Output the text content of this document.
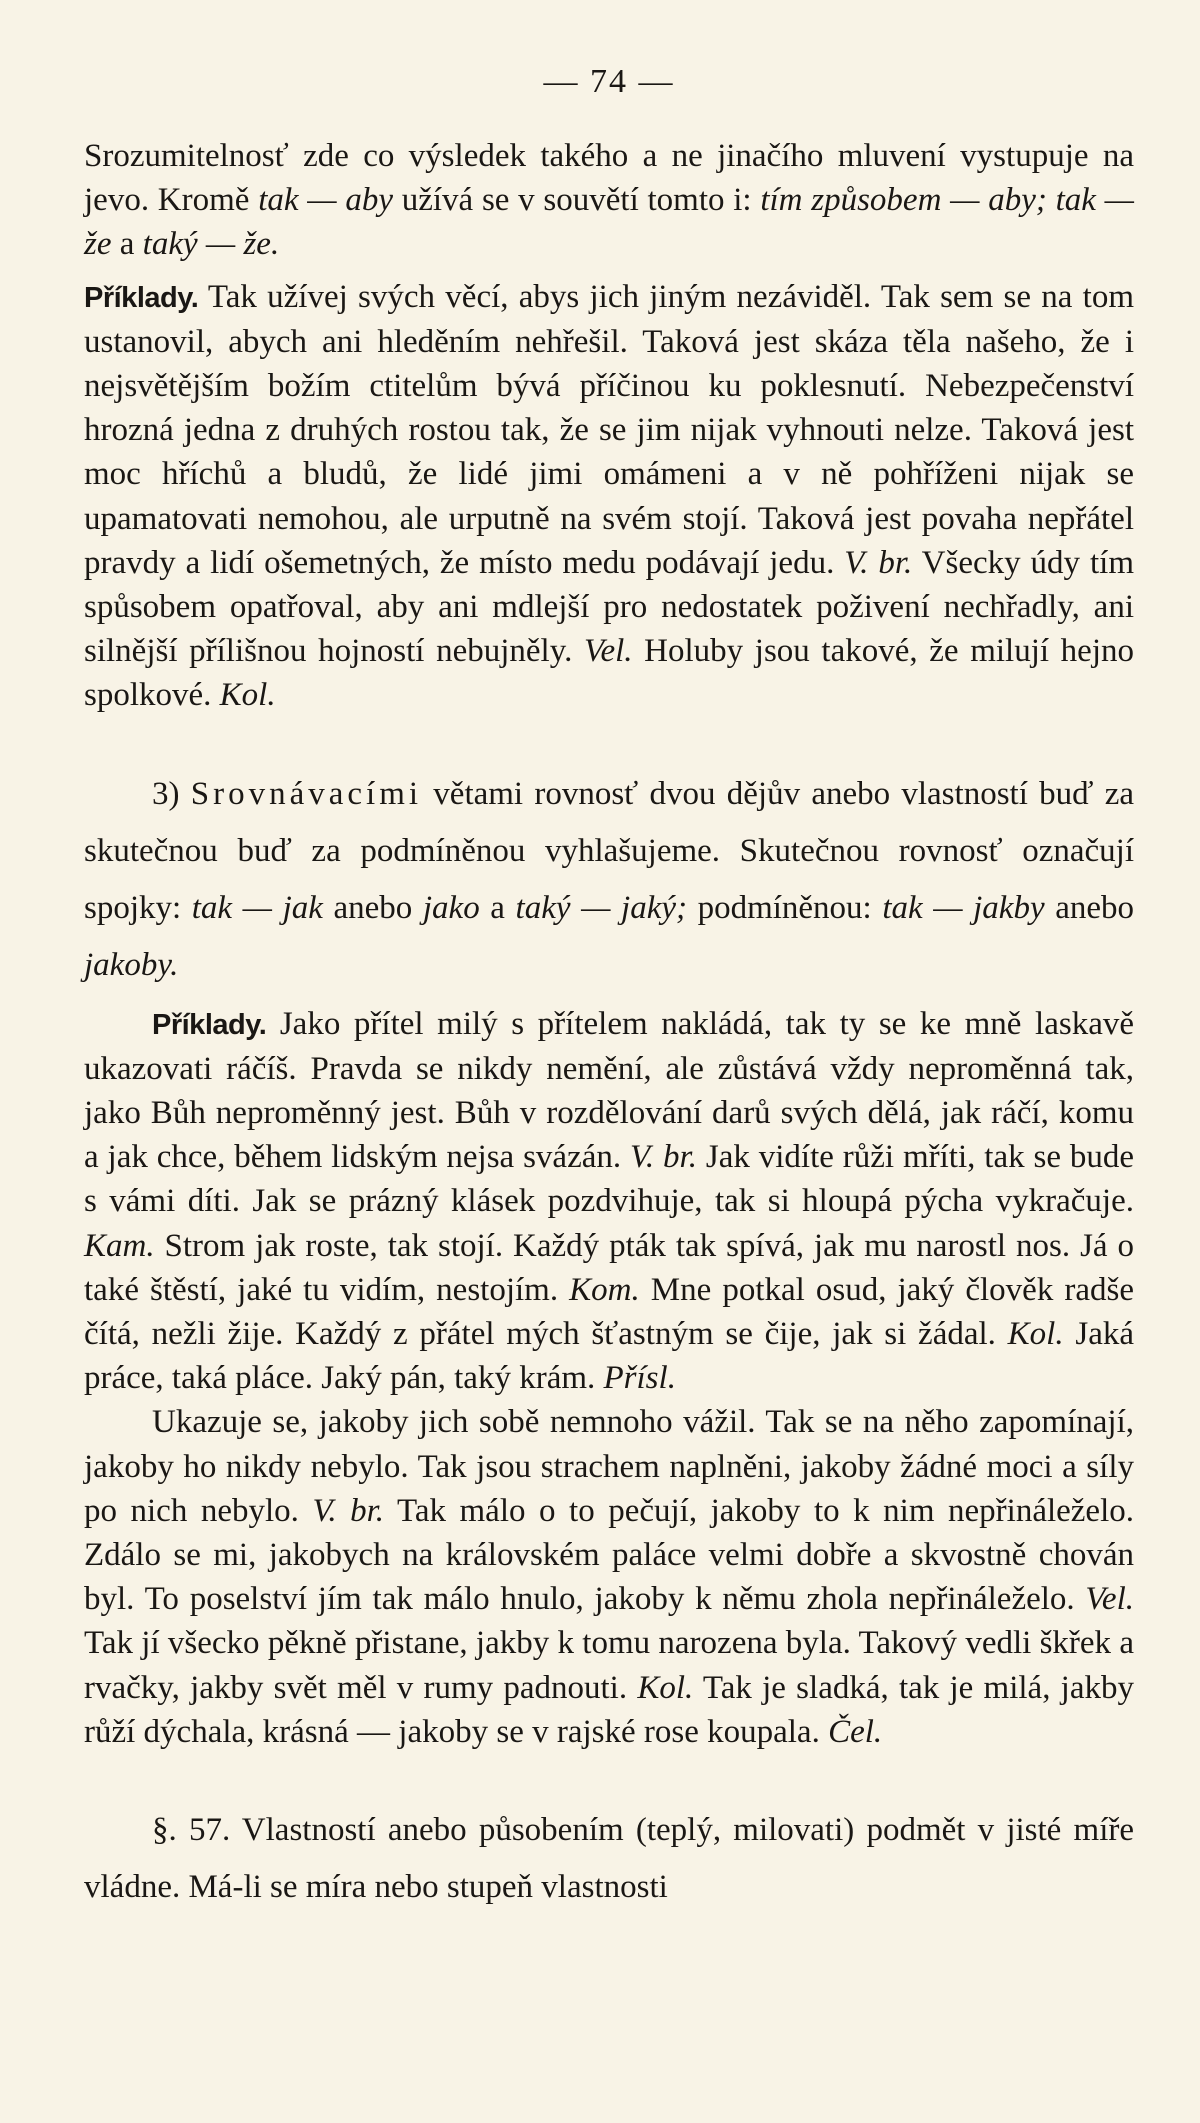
— 74 —

Srozumitelnosť zde co výsledek takého a ne jinačího mluvení vystupuje na jevo. Kromě tak — aby užívá se v souvětí tomto i: tím způsobem — aby; tak — že a taký — že.

Příklady. Tak užívej svých věcí, abys jich jiným nezáviděl. Tak sem se na tom ustanovil, abych ani hleděním nehřešil. Taková jest skáza těla našeho, že i nejsvětějším božím ctitelům bývá příčinou ku poklesnutí. Nebezpečenství hrozná jedna z druhých rostou tak, že se jim nijak vyhnouti nelze. Taková jest moc hříchů a bludů, že lidé jimi omámeni a v ně pohříženi nijak se upamatovati nemohou, ale urputně na svém stojí. Taková jest povaha nepřátel pravdy a lidí ošemetných, že místo medu podávají jedu. V. br. Všecky údy tím spůsobem opatřoval, aby ani mdlejší pro nedostatek poživení nechřadly, ani silnější přílišnou hojností nebujněly. Vel. Holuby jsou takové, že milují hejno spolkové. Kol.

3) Srovnávacími větami rovnosť dvou dějův anebo vlastností buď za skutečnou buď za podmíněnou vyhlašujeme. Skutečnou rovnosť označují spojky: tak — jak anebo jako a taký — jaký; podmíněnou: tak — jakby anebo jakoby.

Příklady. Jako přítel milý s přítelem nakládá, tak ty se ke mně laskavě ukazovati ráčíš. Pravda se nikdy nemění, ale zůstává vždy neproměnná tak, jako Bůh neproměnný jest. Bůh v rozdělování darů svých dělá, jak ráčí, komu a jak chce, během lidským nejsa svázán. V. br. Jak vidíte růži mříti, tak se bude s vámi díti. Jak se prázný klásek pozdvihuje, tak si hloupá pýcha vykračuje. Kam. Strom jak roste, tak stojí. Každý pták tak spívá, jak mu narostl nos. Já o také štěstí, jaké tu vidím, nestojím. Kom. Mne potkal osud, jaký člověk radše čítá, nežli žije. Každý z přátel mých šťastným se čije, jak si žádal. Kol. Jaká práce, taká pláce. Jaký pán, taký krám. Přísl.

Ukazuje se, jakoby jich sobě nemnoho vážil. Tak se na něho zapomínají, jakoby ho nikdy nebylo. Tak jsou strachem naplněni, jakoby žádné moci a síly po nich nebylo. V. br. Tak málo o to pečují, jakoby to k nim nepřináleželo. Zdálo se mi, jakobych na královském paláce velmi dobře a skvostně chován byl. To poselství jím tak málo hnulo, jakoby k němu zhola nepřináleželo. Vel. Tak jí všecko pěkně přistane, jakby k tomu narozena byla. Takový vedli škřek a rvačky, jakby svět měl v rumy padnouti. Kol. Tak je sladká, tak je milá, jakby růží dýchala, krásná — jakoby se v rajské rose koupala. Čel.

§. 57. Vlastností anebo působením (teplý, milovati) podmět v jisté míře vládne. Má-li se míra nebo stupeň vlastnosti
